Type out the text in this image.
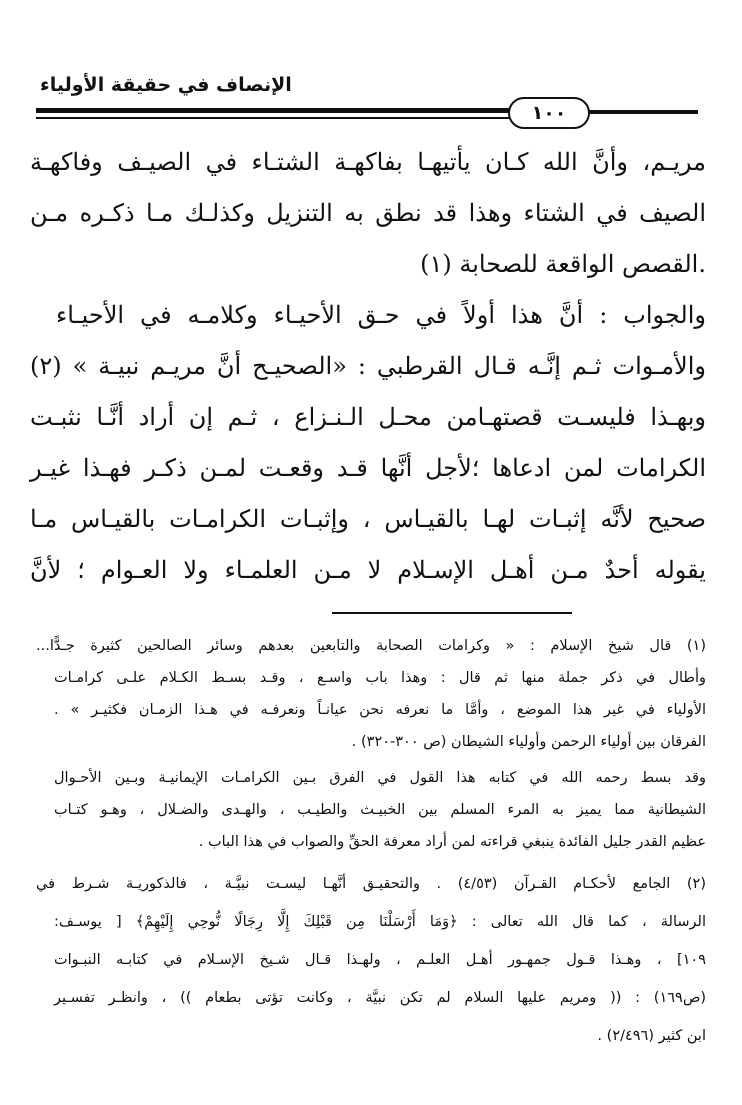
الإنصاف في حقيقة الأولياء
١٠٠
مريـم، وأنَّ الله كـان يأتيهـا بفاكهـة الشتـاء في الصيـف وفاكهـة
الصيف في الشتاء وهذا قد نطق به التنزيل وكذلـك مـا ذكـره مـن
القصص الواقعة للصحابة (١).
والجواب : أنَّ هذا أولاً في حـق الأحيـاء وكلامـه في الأحيـاء
والأمـوات ثـم إنَّـه قـال القرطبي : «الصحيـح أنَّ مريـم نبيـة » (٢)
وبهـذا فليسـت قصتهـامن محـل الـنـزاع ، ثـم إن أراد أنَّـا نثبـت
الكرامات لمن ادعاها ؛لأجل أنَّها قـد وقعـت لمـن ذكـر فهـذا غيـر
صحيح لأنَّه إثبـات لهـا بالقيـاس ، وإثبـات الكرامـات بالقيـاس مـا
يقوله أحدٌ مـن أهـل الإسـلام لا مـن العلمـاء ولا العـوام ؛ لأنَّ
(١) قال شيخ الإسلام : « وكرامات الصحابة والتابعين بعدهم وسائر الصالحين كثيرة جـدًّا...
وأطال في ذكر جملة منها ثم قال : وهذا باب واسـع ، وقـد بسـط الكـلام علـى كرامـات
الأولياء في غير هذا الموضع ، وأمَّا ما نعرفه نحن عيانـاً ونعرفـه في هـذا الزمـان فكثيـر » .
الفرقان بين أولياء الرحمن وأولياء الشيطان (ص ٣٠٠-٣٢٠) .
وقد بسط رحمه الله في كتابه هذا القول في الفرق بـين الكرامـات الإيمانيـة وبـين الأحـوال
الشيطانية مما يميز به المرء المسلم بين الخبيـث والطيـب ، والهـدى والضـلال ، وهـو كتـاب
عظيم القدر جليل الفائدة ينبغي قراءته لمن أراد معرفة الحقِّ والصواب في هذا الباب .
(٢) الجامع لأحكـام القـرآن (٤/٥٣) . والتحقيـق أنَّهـا ليسـت نبيَّـة ، فالذكوريـة شـرط في
الرسالة ، كما قال الله تعالى : ﴿وَمَا أَرْسَلْنَا مِن قَبْلِكَ إِلَّا رِجَالًا نُّوحِي إِلَيْهِمْ﴾ [ يوسـف:
١٠٩] ، وهـذا قـول جمهـور أهـل العلـم ، ولهـذا قـال شـيخ الإسـلام في كتابـه النبـوات
(ص١٦٩) : (( ومريم عليها السلام لم تكن نبيَّة ، وكانت تؤتى بطعام )) ، وانظـر تفسـير
ابن كثير (٢/٤٩٦) .
